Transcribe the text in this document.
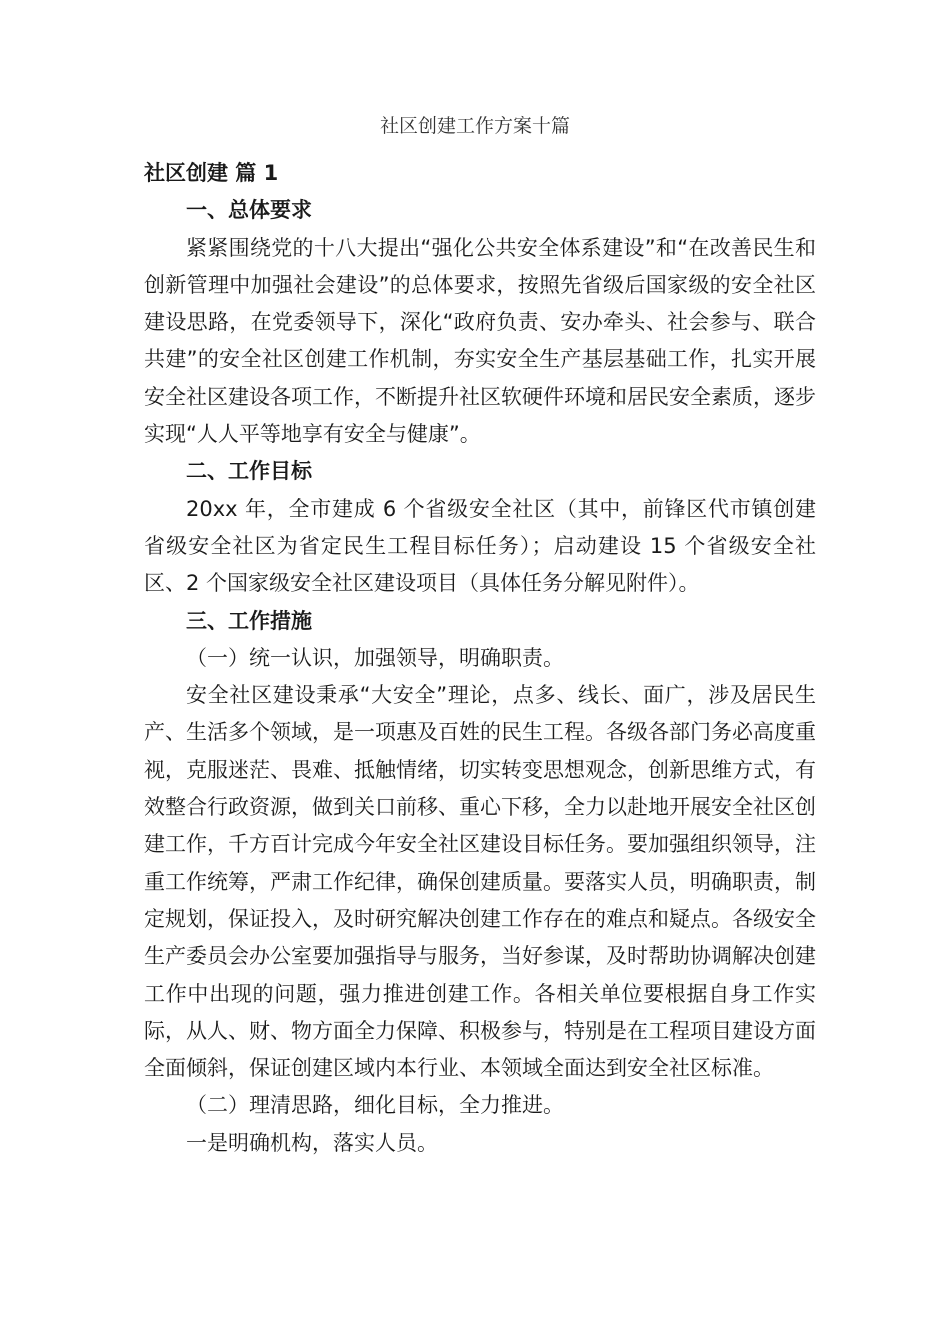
社区创建工作方案十篇

社区创建 篇 1

一、总体要求

紧紧围绕党的十八大提出“强化公共安全体系建设”和“在改善民生和创新管理中加强社会建设”的总体要求，按照先省级后国家级的安全社区建设思路，在党委领导下，深化“政府负责、安办牵头、社会参与、联合共建”的安全社区创建工作机制，夯实安全生产基层基础工作，扎实开展安全社区建设各项工作，不断提升社区软硬件环境和居民安全素质，逐步实现“人人平等地享有安全与健康”。

二、工作目标

20xx 年，全市建成 6 个省级安全社区（其中，前锋区代市镇创建省级安全社区为省定民生工程目标任务）；启动建设 15 个省级安全社区、2 个国家级安全社区建设项目（具体任务分解见附件）。

三、工作措施

（一）统一认识，加强领导，明确职责。

安全社区建设秉承“大安全”理论，点多、线长、面广，涉及居民生产、生活多个领域，是一项惠及百姓的民生工程。各级各部门务必高度重视，克服迷茫、畏难、抵触情绪，切实转变思想观念，创新思维方式，有效整合行政资源，做到关口前移、重心下移，全力以赴地开展安全社区创建工作，千方百计完成今年安全社区建设目标任务。要加强组织领导，注重工作统筹，严肃工作纪律，确保创建质量。要落实人员，明确职责，制定规划，保证投入，及时研究解决创建工作存在的难点和疑点。各级安全生产委员会办公室要加强指导与服务，当好参谋，及时帮助协调解决创建工作中出现的问题，强力推进创建工作。各相关单位要根据自身工作实际，从人、财、物方面全力保障、积极参与，特别是在工程项目建设方面全面倾斜，保证创建区域内本行业、本领域全面达到安全社区标准。

（二）理清思路，细化目标，全力推进。

一是明确机构，落实人员。
